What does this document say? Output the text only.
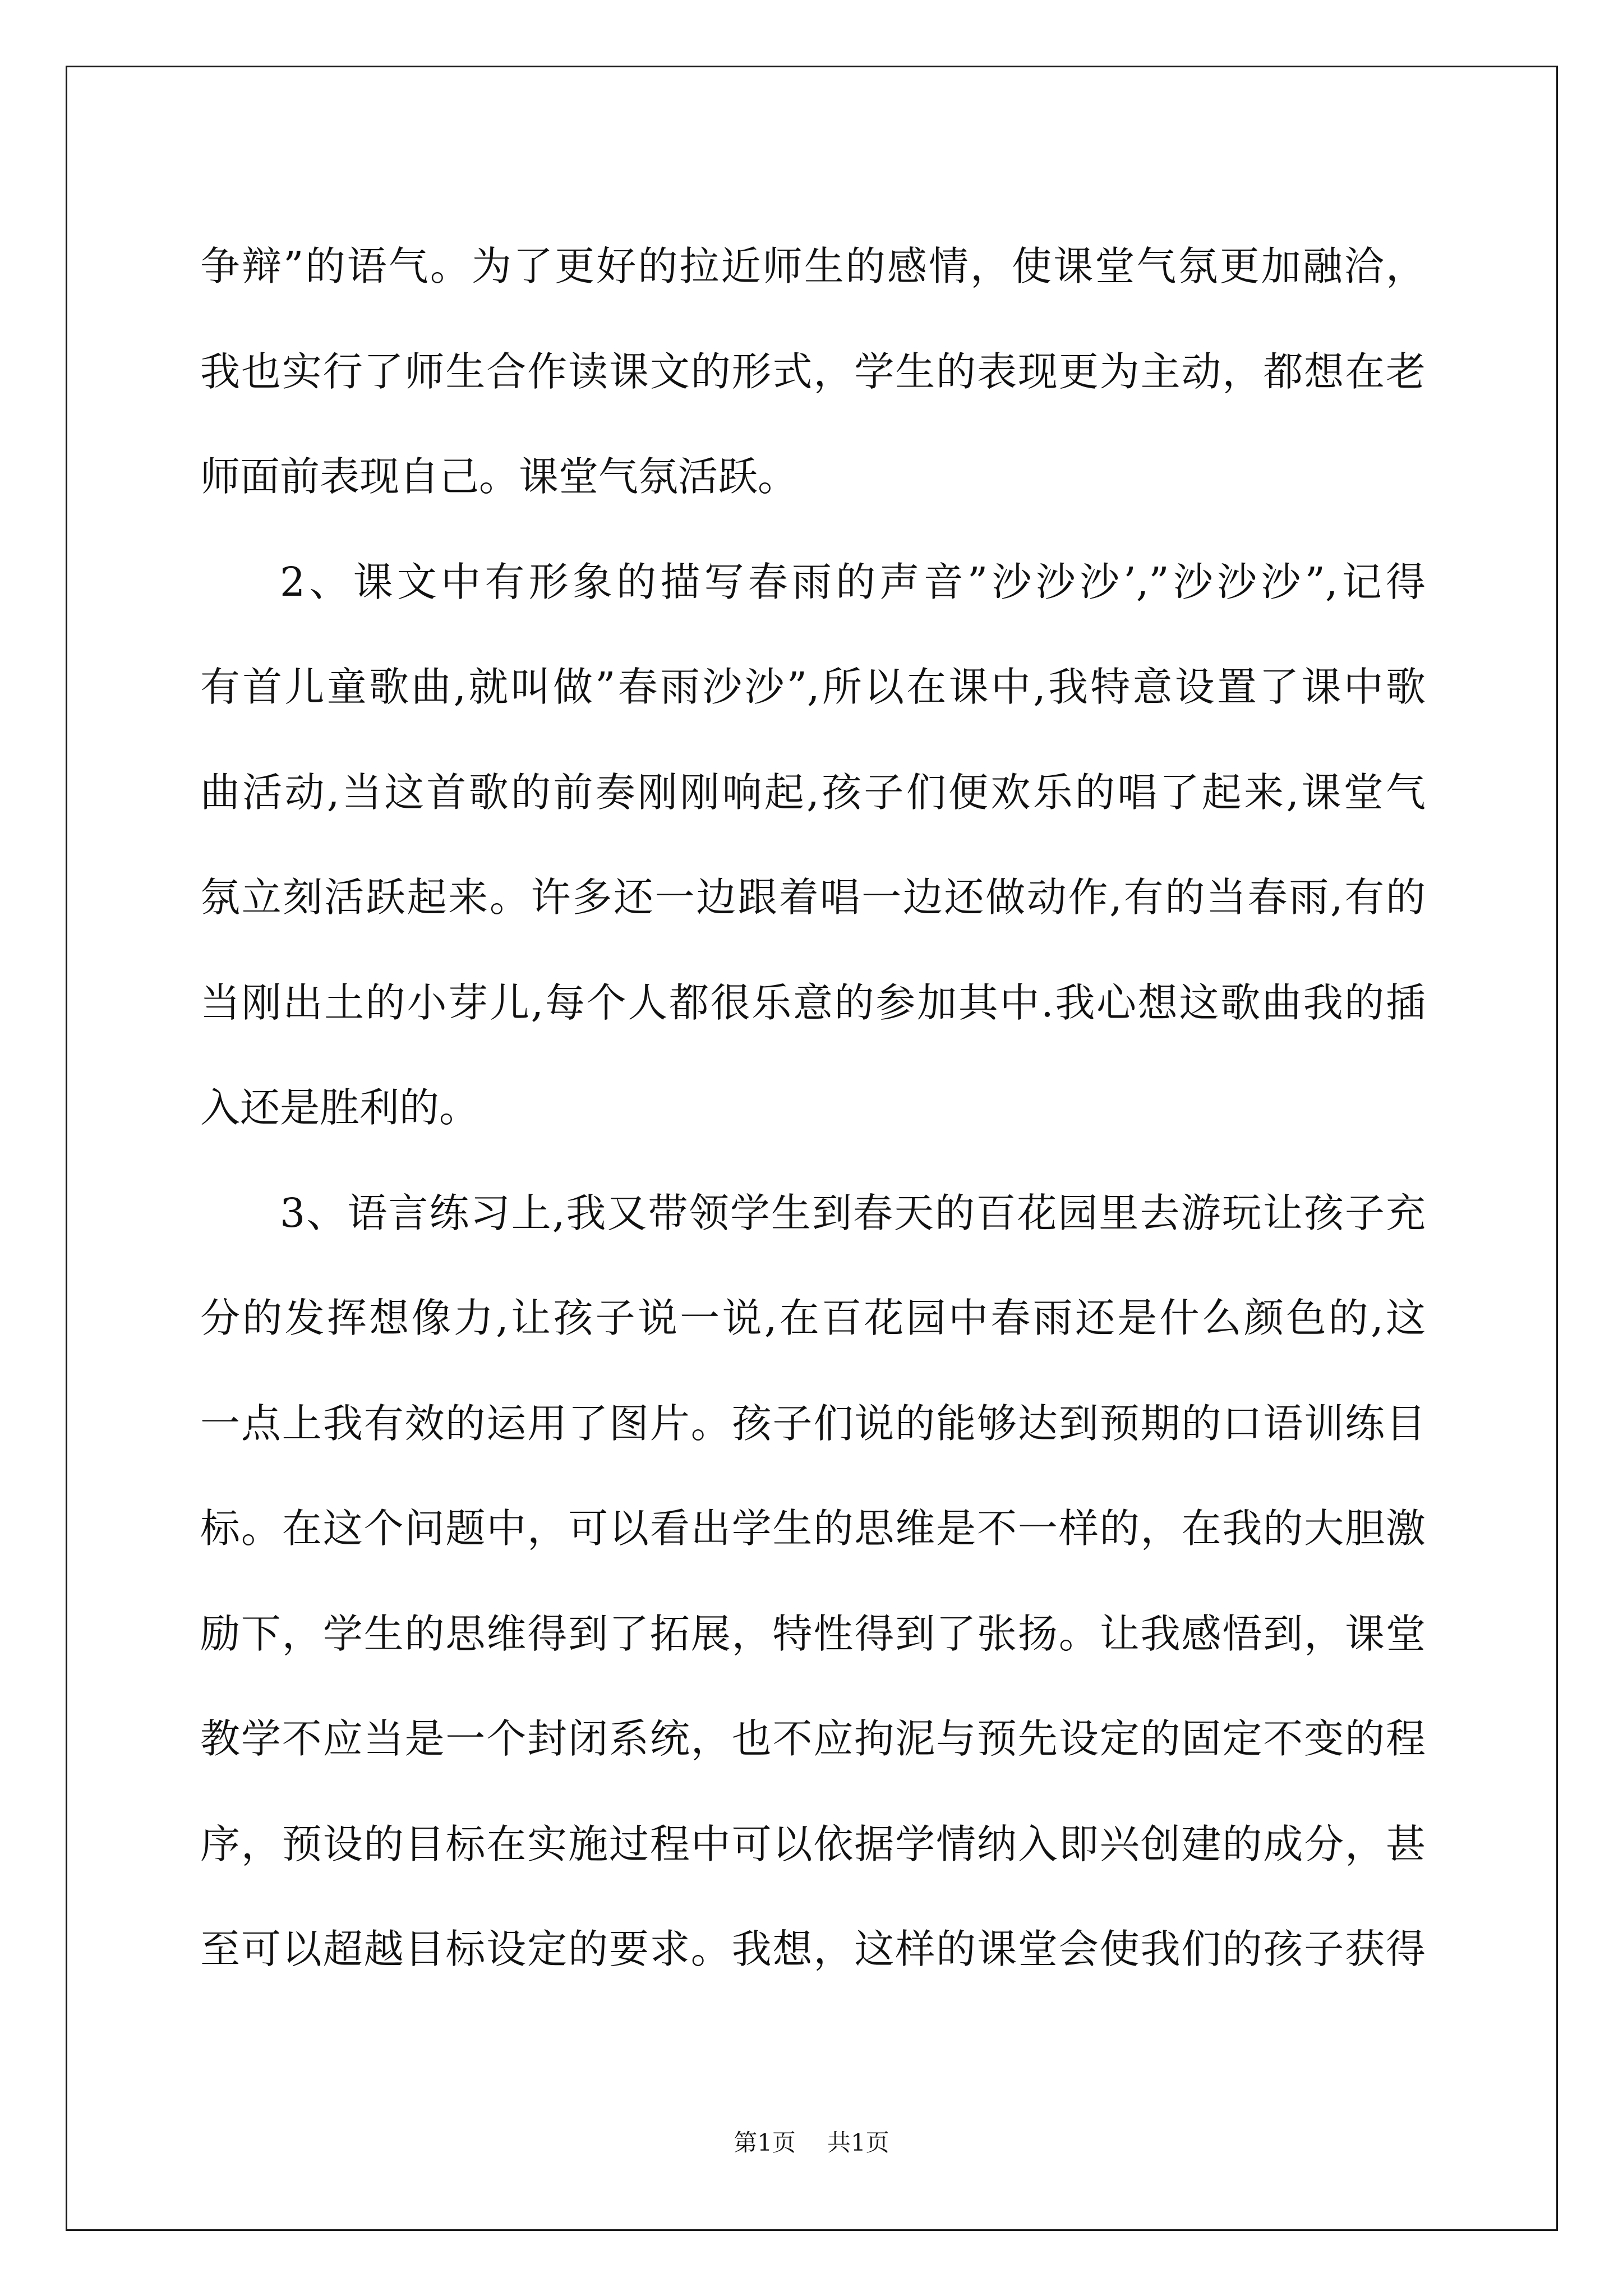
争辩”的语气。为了更好的拉近师生的感情，使课堂气氛更加融洽，
我也实行了师生合作读课文的形式，学生的表现更为主动，都想在老
师面前表现自己。课堂气氛活跃。
2、课文中有形象的描写春雨的声音”沙沙沙’,”沙沙沙”,记得
有首儿童歌曲,就叫做”春雨沙沙”,所以在课中,我特意设置了课中歌
曲活动,当这首歌的前奏刚刚响起,孩子们便欢乐的唱了起来,课堂气
氛立刻活跃起来。许多还一边跟着唱一边还做动作,有的当春雨,有的
当刚出土的小芽儿,每个人都很乐意的参加其中.我心想这歌曲我的插
入还是胜利的。
3、语言练习上,我又带领学生到春天的百花园里去游玩让孩子充
分的发挥想像力,让孩子说一说,在百花园中春雨还是什么颜色的,这
一点上我有效的运用了图片。孩子们说的能够达到预期的口语训练目
标。在这个问题中，可以看出学生的思维是不一样的，在我的大胆激
励下，学生的思维得到了拓展，特性得到了张扬。让我感悟到，课堂
教学不应当是一个封闭系统，也不应拘泥与预先设定的固定不变的程
序，预设的目标在实施过程中可以依据学情纳入即兴创建的成分，甚
至可以超越目标设定的要求。我想，这样的课堂会使我们的孩子获得
第1页 共1页
